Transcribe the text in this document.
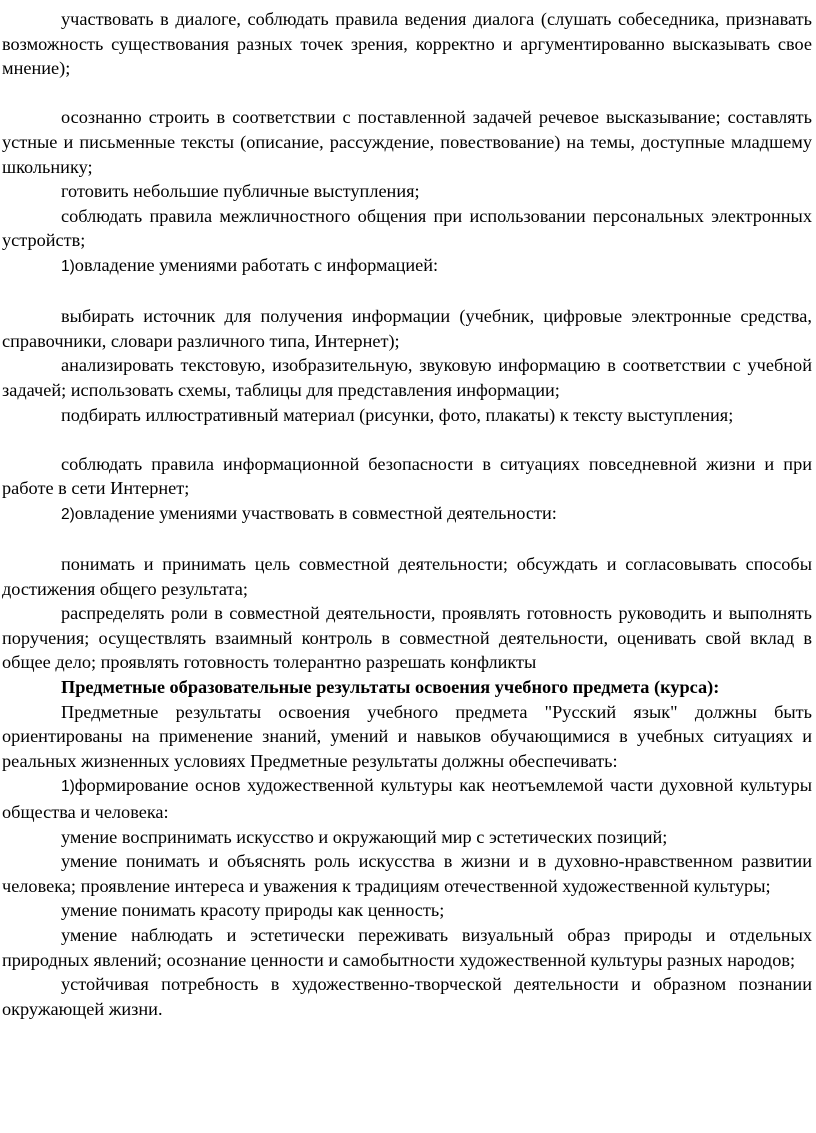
участвовать в диалоге, соблюдать правила ведения диалога (слушать собеседника, признавать возможность существования разных точек зрения, корректно и аргументированно высказывать свое мнение);

осознанно строить в соответствии с поставленной задачей речевое высказывание; составлять устные и письменные тексты (описание, рассуждение, повествование) на темы, доступные младшему школьнику;

готовить небольшие публичные выступления;

соблюдать правила межличностного общения при использовании персональных электронных устройств;

1)овладение умениями работать с информацией:

выбирать источник для получения информации (учебник, цифровые электронные средства, справочники, словари различного типа, Интернет);

анализировать текстовую, изобразительную, звуковую информацию в соответствии с учебной задачей; использовать схемы, таблицы для представления информации;

подбирать иллюстративный материал (рисунки, фото, плакаты) к тексту выступления;

соблюдать правила информационной безопасности в ситуациях повседневной жизни и при работе в сети Интернет;

2)овладение умениями участвовать в совместной деятельности:

понимать и принимать цель совместной деятельности; обсуждать и согласовывать способы достижения общего результата;

распределять роли в совместной деятельности, проявлять готовность руководить и выполнять поручения; осуществлять взаимный контроль в совместной деятельности, оценивать свой вклад в общее дело; проявлять готовность толерантно разрешать конфликты

Предметные образовательные результаты освоения учебного предмета (курса):

Предметные результаты освоения учебного предмета "Русский язык" должны быть ориентированы на применение знаний, умений и навыков обучающимися в учебных ситуациях и реальных жизненных условиях Предметные результаты должны обеспечивать:

1)формирование основ художественной культуры как неотъемлемой части духовной культуры общества и человека:

умение воспринимать искусство и окружающий мир с эстетических позиций;

умение понимать и объяснять роль искусства в жизни и в духовно-нравственном развитии человека; проявление интереса и уважения к традициям отечественной художественной культуры;

умение понимать красоту природы как ценность;

умение наблюдать и эстетически переживать визуальный образ природы и отдельных природных явлений; осознание ценности и самобытности художественной культуры разных народов;

устойчивая потребность в художественно-творческой деятельности и образном познании окружающей жизни.
